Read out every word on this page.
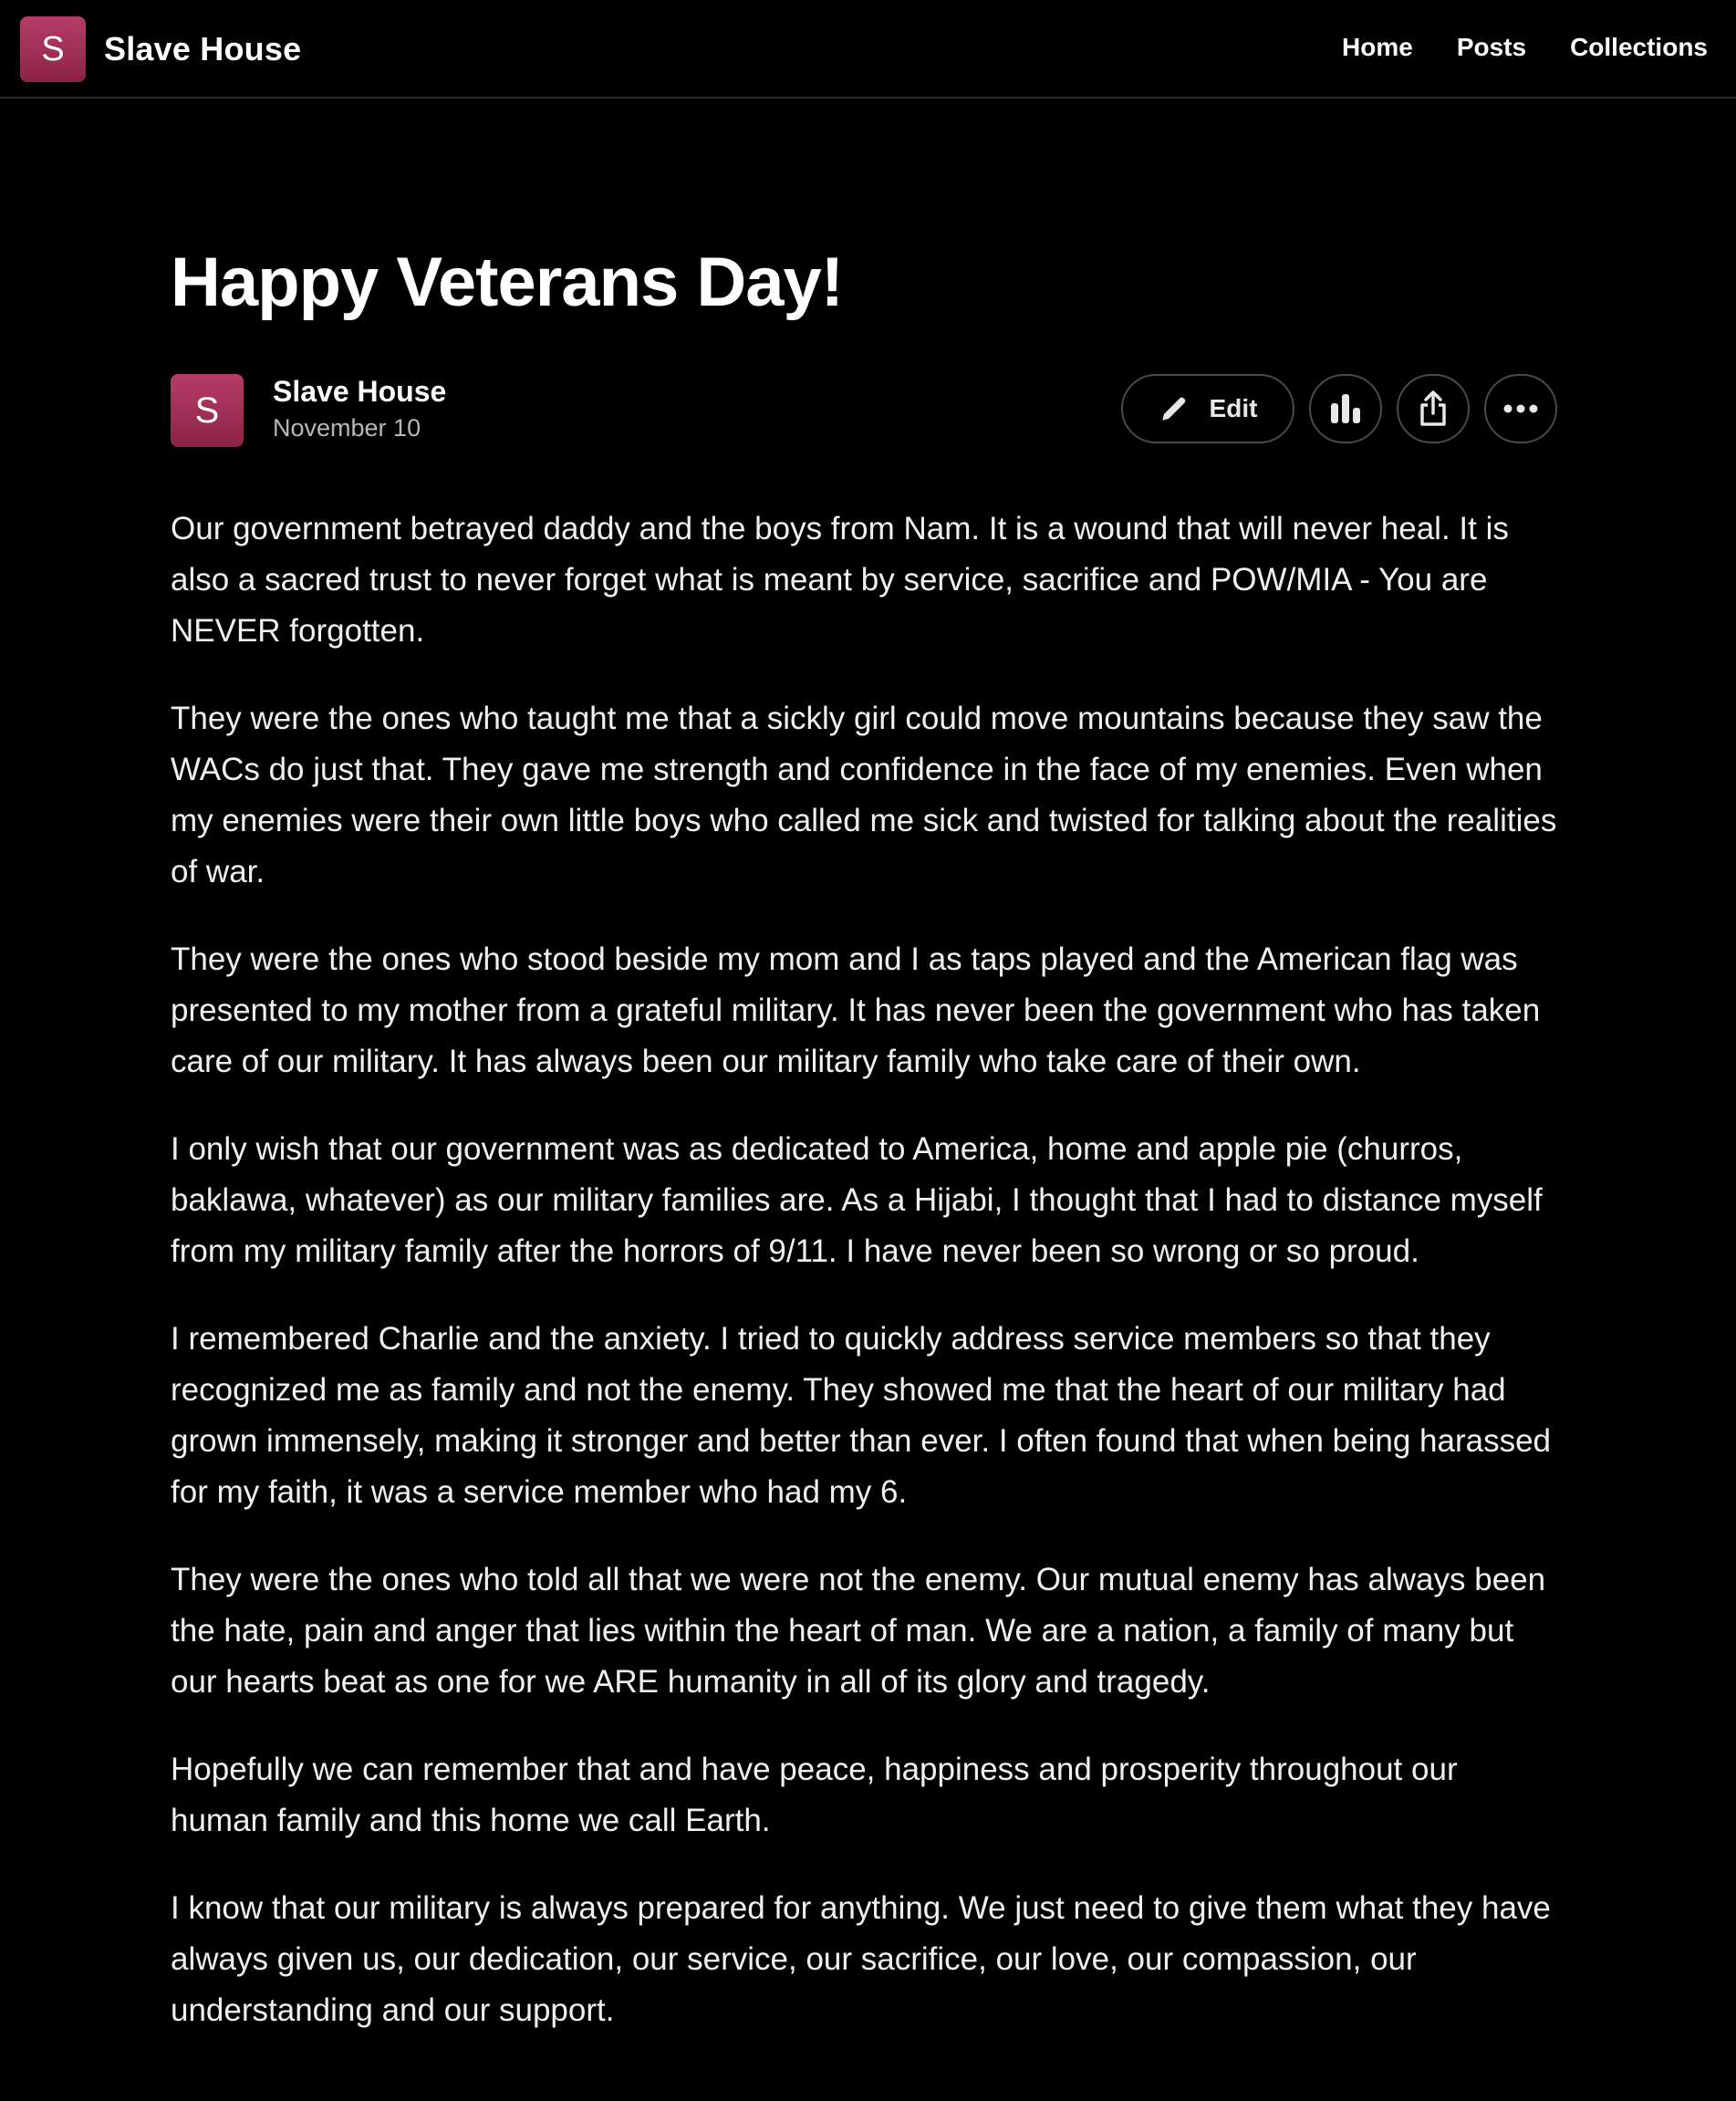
S	Slave House	Home Posts Collections
Happy Veterans Day!
S	Slave House
November 10
Edit

Our government betrayed daddy and the boys from Nam. It is a wound that will never heal. It is also a sacred trust to never forget what is meant by service, sacrifice and POW/MIA - You are NEVER forgotten.

They were the ones who taught me that a sickly girl could move mountains because they saw the WACs do just that. They gave me strength and confidence in the face of my enemies. Even when my enemies were their own little boys who called me sick and twisted for talking about the realities of war.

They were the ones who stood beside my mom and I as taps played and the American flag was presented to my mother from a grateful military. It has never been the government who has taken care of our military. It has always been our military family who take care of their own.

I only wish that our government was as dedicated to America, home and apple pie (churros, baklawa, whatever) as our military families are. As a Hijabi, I thought that I had to distance myself from my military family after the horrors of 9/11. I have never been so wrong or so proud.

I remembered Charlie and the anxiety. I tried to quickly address service members so that they recognized me as family and not the enemy. They showed me that the heart of our military had grown immensely, making it stronger and better than ever. I often found that when being harassed for my faith, it was a service member who had my 6.

They were the ones who told all that we were not the enemy. Our mutual enemy has always been the hate, pain and anger that lies within the heart of man. We are a nation, a family of many but our hearts beat as one for we ARE humanity in all of its glory and tragedy.

Hopefully we can remember that and have peace, happiness and prosperity throughout our human family and this home we call Earth.

I know that our military is always prepared for anything. We just need to give them what they have always given us, our dedication, our service, our sacrifice, our love, our compassion, our understanding and our support.
